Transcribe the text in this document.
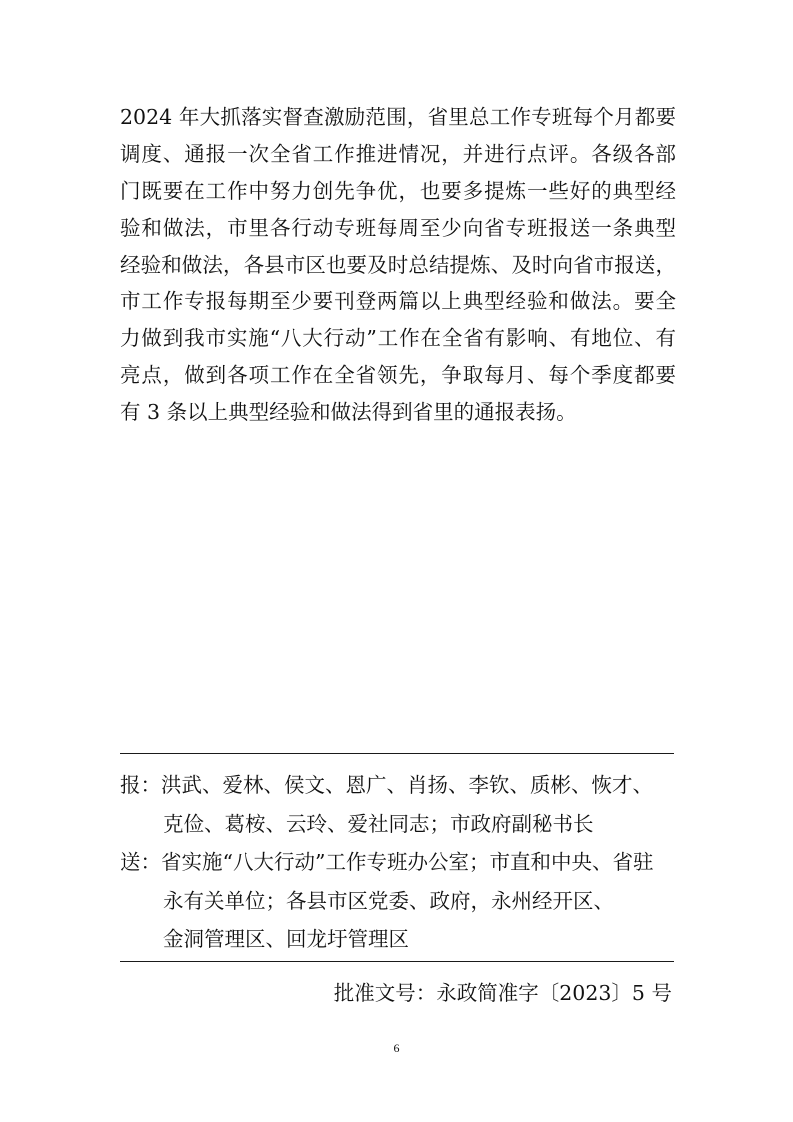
2024 年大抓落实督查激励范围，省里总工作专班每个月都要
调度、通报一次全省工作推进情况，并进行点评。各级各部
门既要在工作中努力创先争优，也要多提炼一些好的典型经
验和做法，市里各行动专班每周至少向省专班报送一条典型
经验和做法，各县市区也要及时总结提炼、及时向省市报送，
市工作专报每期至少要刊登两篇以上典型经验和做法。要全
力做到我市实施“八大行动”工作在全省有影响、有地位、有
亮点，做到各项工作在全省领先，争取每月、每个季度都要
有 3 条以上典型经验和做法得到省里的通报表扬。
报：洪武、爱林、侯文、恩广、肖扬、李钦、质彬、恢才、
克俭、葛桉、云玲、爱社同志；市政府副秘书长
送：省实施“八大行动”工作专班办公室；市直和中央、省驻
永有关单位；各县市区党委、政府，永州经开区、
金洞管理区、回龙圩管理区
批准文号：永政简准字〔2023〕5 号
6
